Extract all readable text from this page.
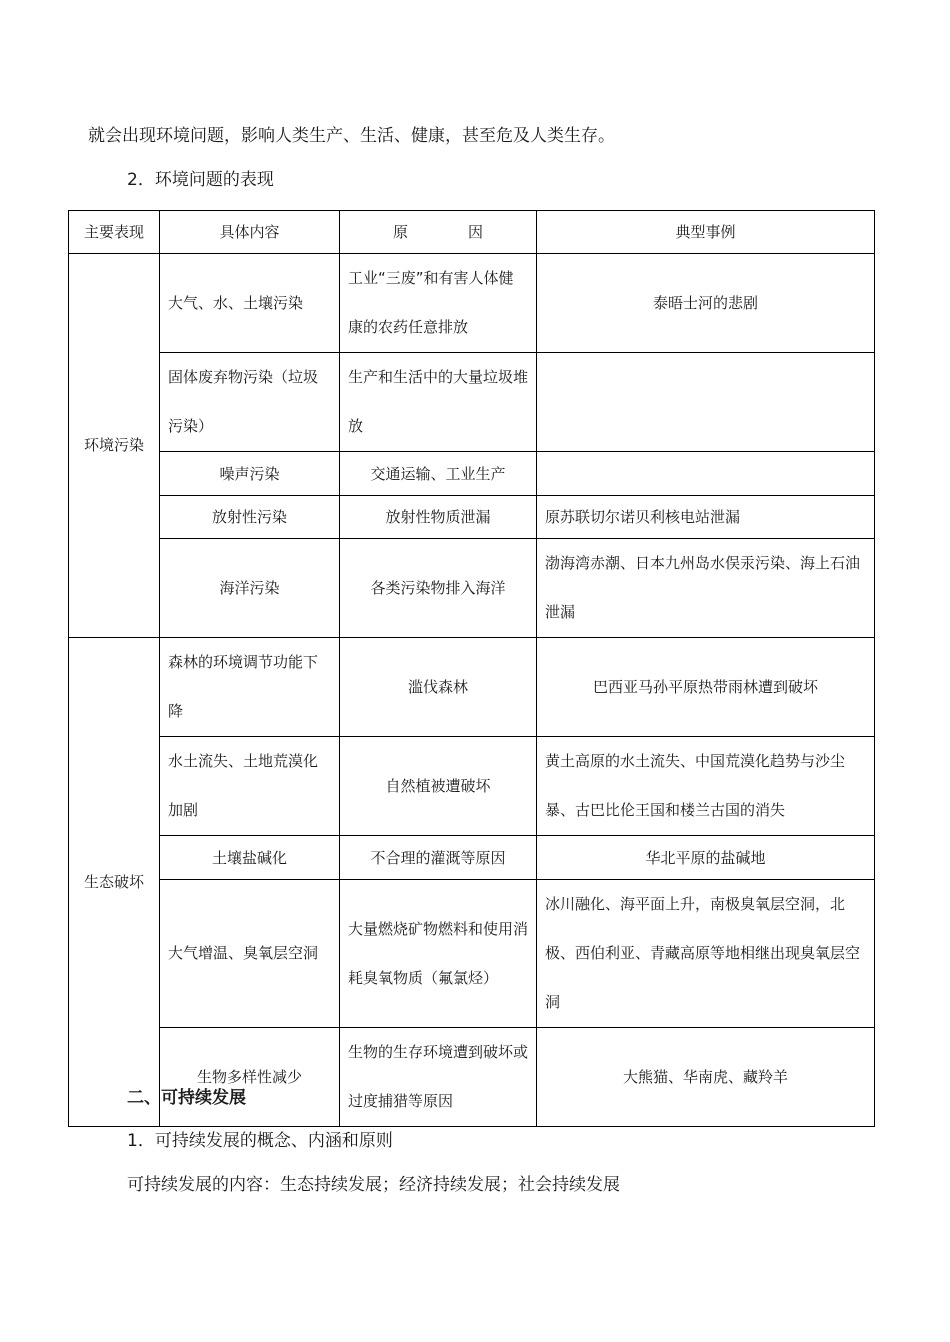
就会出现环境问题，影响人类生产、生活、健康，甚至危及人类生存。
2．环境问题的表现
主要表现	具体内容	原 因	典型事例
环境污染	大气、水、土壤污染	工业“三废”和有害人体健康的农药任意排放	泰晤士河的悲剧
	固体废弃物污染（垃圾污染）	生产和生活中的大量垃圾堆放	
	噪声污染	交通运输、工业生产	
	放射性污染	放射性物质泄漏	原苏联切尔诺贝利核电站泄漏
	海洋污染	各类污染物排入海洋	渤海湾赤潮、日本九州岛水俣汞污染、海上石油泄漏
生态破坏	森林的环境调节功能下降	滥伐森林	巴西亚马孙平原热带雨林遭到破坏
	水土流失、土地荒漠化加剧	自然植被遭破坏	黄土高原的水土流失、中国荒漠化趋势与沙尘暴、古巴比伦王国和楼兰古国的消失
	土壤盐碱化	不合理的灌溉等原因	华北平原的盐碱地
	大气增温、臭氧层空洞	大量燃烧矿物燃料和使用消耗臭氧物质（氟氯烃）	冰川融化、海平面上升，南极臭氧层空洞，北极、西伯利亚、青藏高原等地相继出现臭氧层空洞
	生物多样性减少	生物的生存环境遭到破坏或过度捕猎等原因	大熊猫、华南虎、藏羚羊
二、可持续发展
1．可持续发展的概念、内涵和原则
可持续发展的内容：生态持续发展；经济持续发展；社会持续发展
